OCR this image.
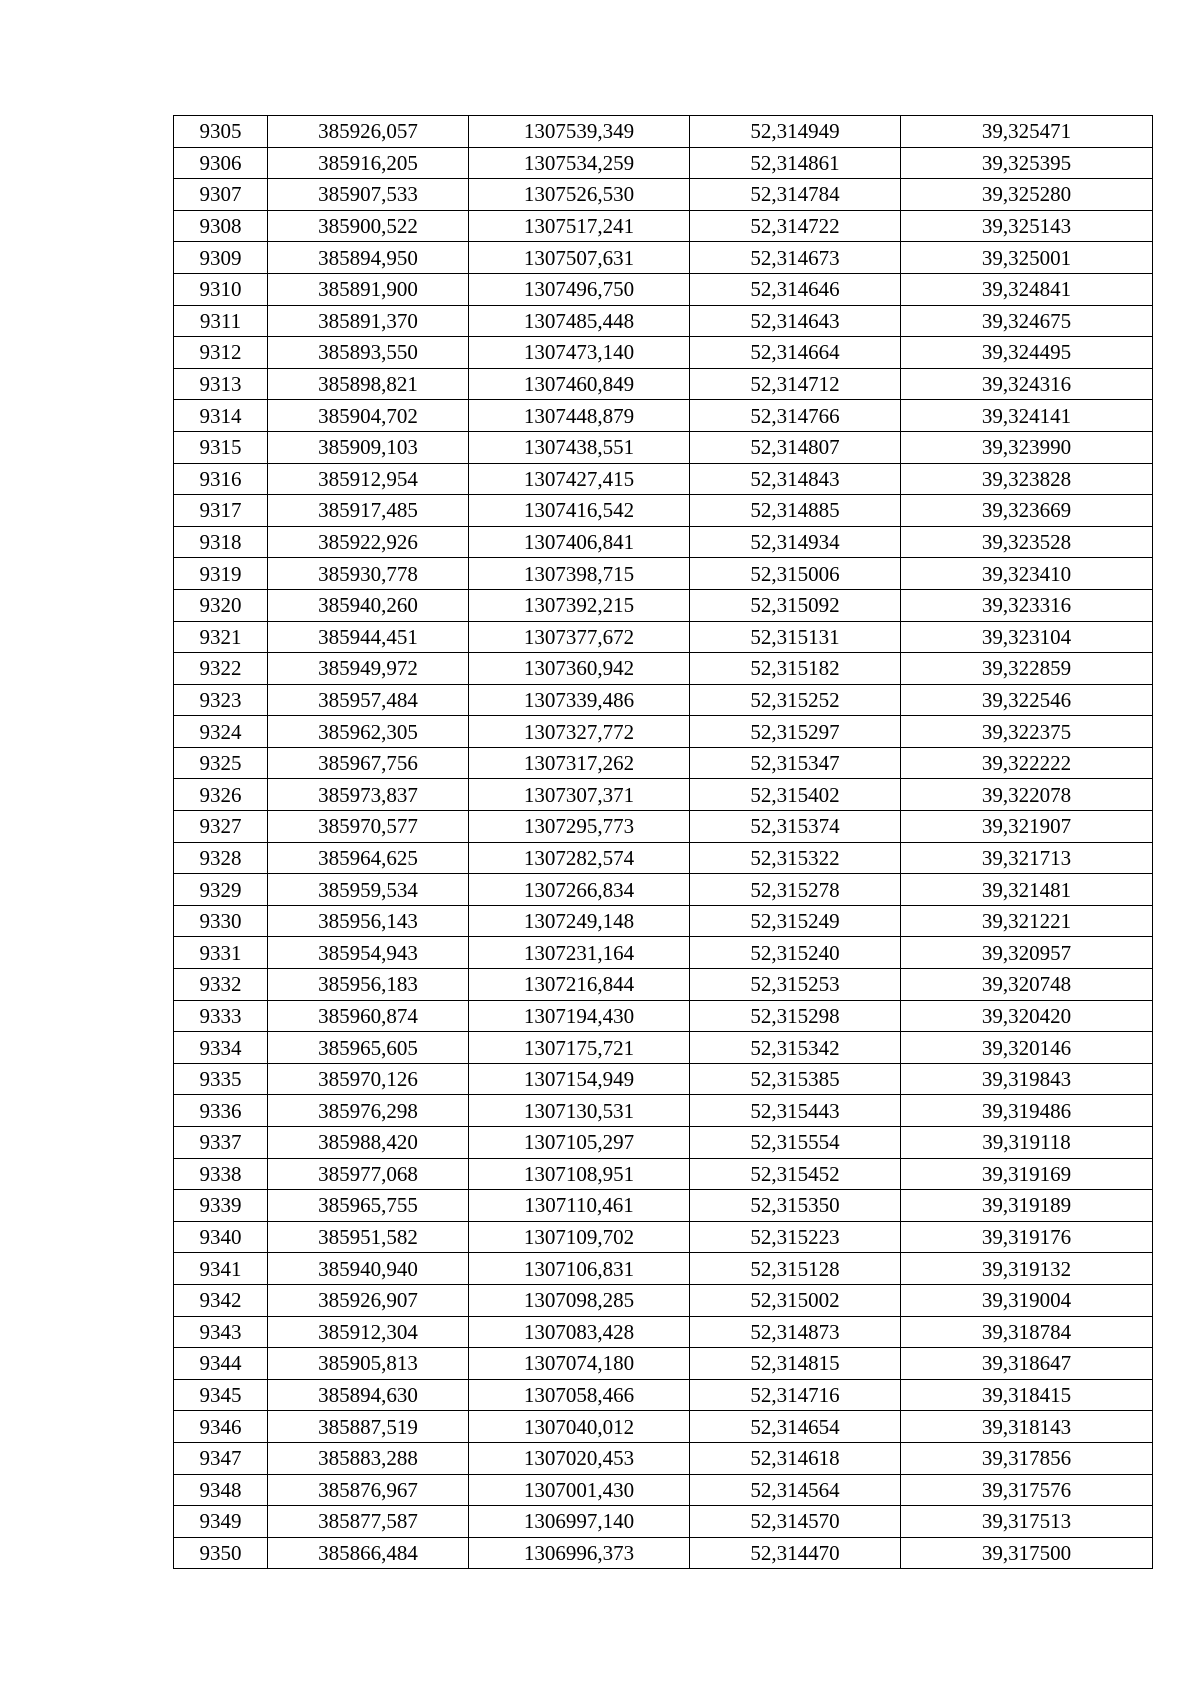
9305	385926,057	1307539,349	52,314949	39,325471
9306	385916,205	1307534,259	52,314861	39,325395
9307	385907,533	1307526,530	52,314784	39,325280
9308	385900,522	1307517,241	52,314722	39,325143
9309	385894,950	1307507,631	52,314673	39,325001
9310	385891,900	1307496,750	52,314646	39,324841
9311	385891,370	1307485,448	52,314643	39,324675
9312	385893,550	1307473,140	52,314664	39,324495
9313	385898,821	1307460,849	52,314712	39,324316
9314	385904,702	1307448,879	52,314766	39,324141
9315	385909,103	1307438,551	52,314807	39,323990
9316	385912,954	1307427,415	52,314843	39,323828
9317	385917,485	1307416,542	52,314885	39,323669
9318	385922,926	1307406,841	52,314934	39,323528
9319	385930,778	1307398,715	52,315006	39,323410
9320	385940,260	1307392,215	52,315092	39,323316
9321	385944,451	1307377,672	52,315131	39,323104
9322	385949,972	1307360,942	52,315182	39,322859
9323	385957,484	1307339,486	52,315252	39,322546
9324	385962,305	1307327,772	52,315297	39,322375
9325	385967,756	1307317,262	52,315347	39,322222
9326	385973,837	1307307,371	52,315402	39,322078
9327	385970,577	1307295,773	52,315374	39,321907
9328	385964,625	1307282,574	52,315322	39,321713
9329	385959,534	1307266,834	52,315278	39,321481
9330	385956,143	1307249,148	52,315249	39,321221
9331	385954,943	1307231,164	52,315240	39,320957
9332	385956,183	1307216,844	52,315253	39,320748
9333	385960,874	1307194,430	52,315298	39,320420
9334	385965,605	1307175,721	52,315342	39,320146
9335	385970,126	1307154,949	52,315385	39,319843
9336	385976,298	1307130,531	52,315443	39,319486
9337	385988,420	1307105,297	52,315554	39,319118
9338	385977,068	1307108,951	52,315452	39,319169
9339	385965,755	1307110,461	52,315350	39,319189
9340	385951,582	1307109,702	52,315223	39,319176
9341	385940,940	1307106,831	52,315128	39,319132
9342	385926,907	1307098,285	52,315002	39,319004
9343	385912,304	1307083,428	52,314873	39,318784
9344	385905,813	1307074,180	52,314815	39,318647
9345	385894,630	1307058,466	52,314716	39,318415
9346	385887,519	1307040,012	52,314654	39,318143
9347	385883,288	1307020,453	52,314618	39,317856
9348	385876,967	1307001,430	52,314564	39,317576
9349	385877,587	1306997,140	52,314570	39,317513
9350	385866,484	1306996,373	52,314470	39,317500
